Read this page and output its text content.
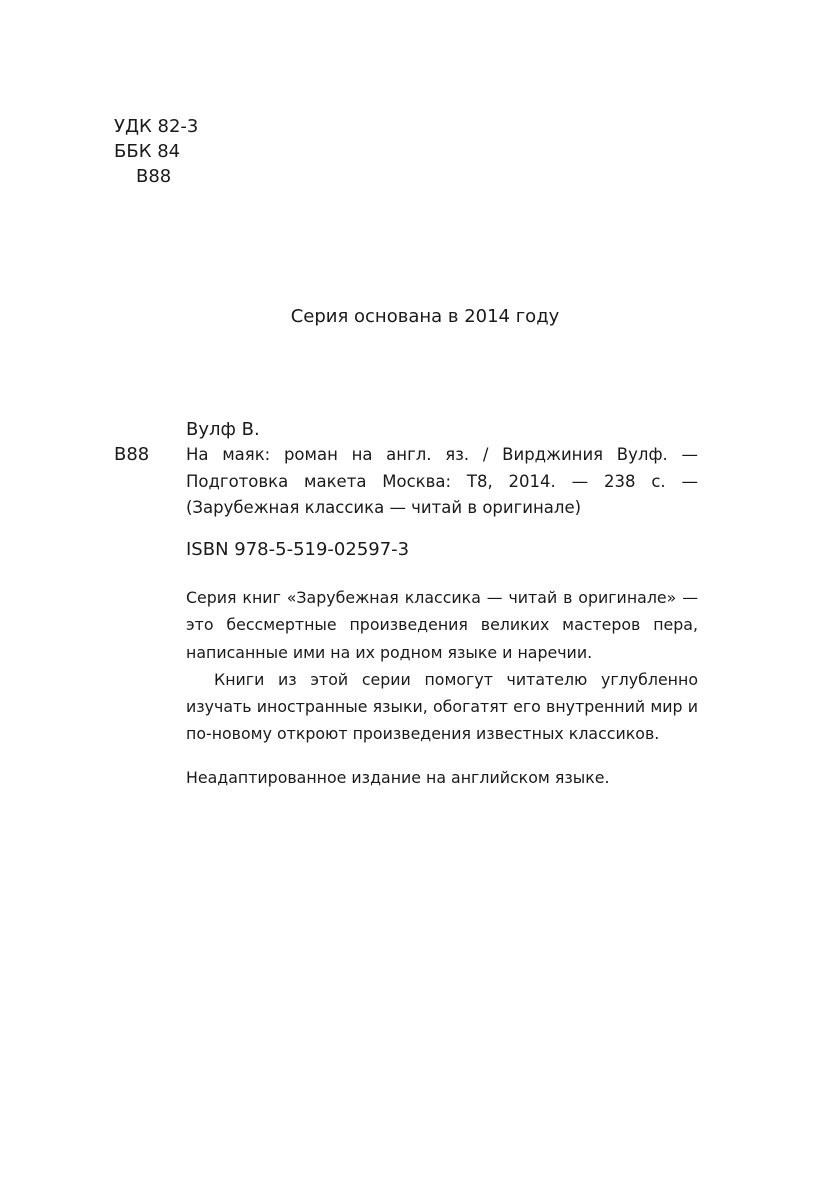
УДК 82-3
ББК 84
В88
Серия основана в 2014 году
Вулф В.
В88 На маяк: роман на англ. яз. / Вирджиния Вулф. — Подготовка макета Москва: T8, 2014. — 238 с. — (Зарубежная классика — читай в оригинале)
ISBN 978-5-519-02597-3

Серия книг «Зарубежная классика — читай в оригинале» — это бессмертные произведения великих мастеров пера, написанные ими на их родном языке и наречии.

Книги из этой серии помогут читателю углубленно изучать иностранные языки, обогатят его внутренний мир и по-новому откроют произведения известных классиков.

Неадаптированное издание на английском языке.
